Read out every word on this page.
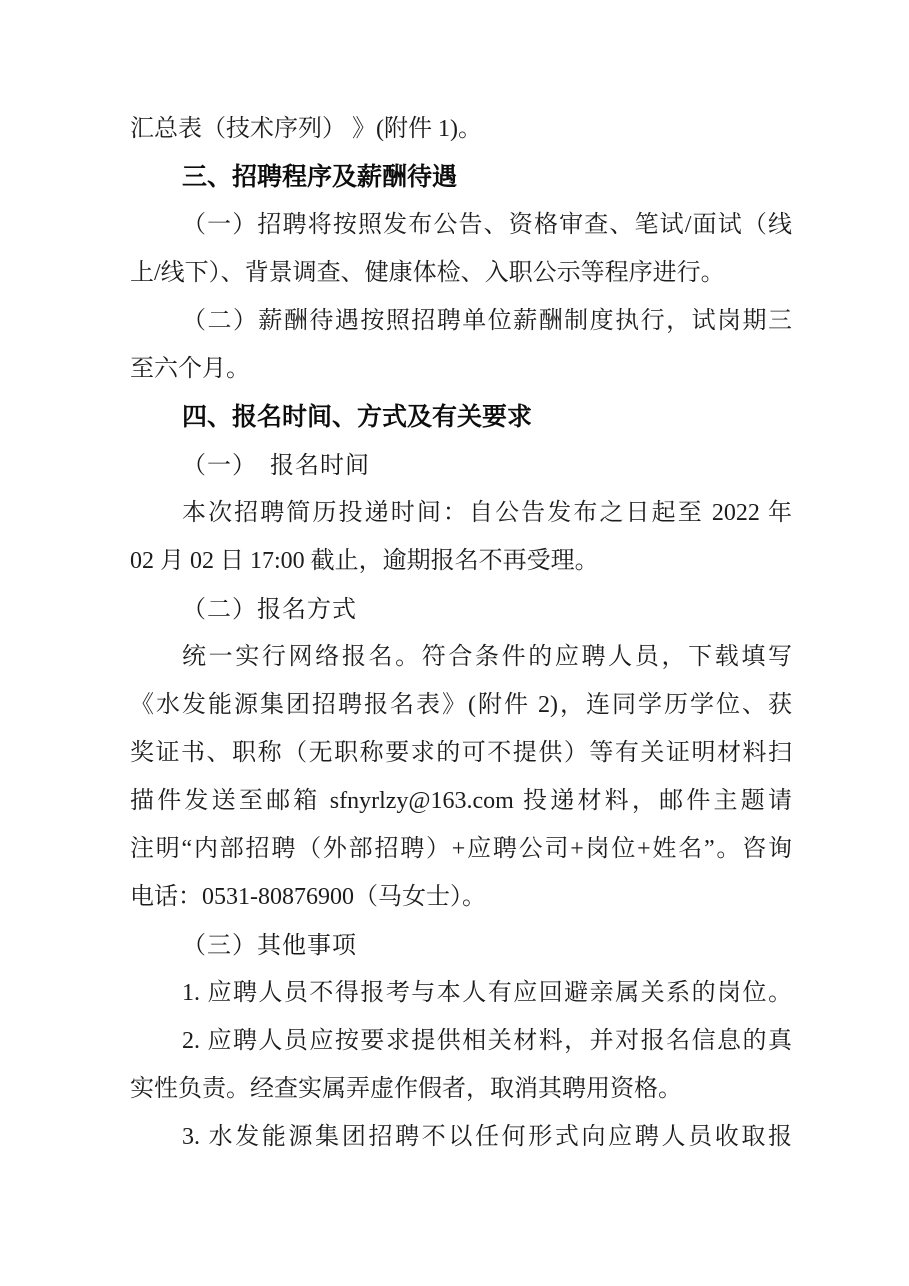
汇总表（技术序列） 》(附件 1)。
三、招聘程序及薪酬待遇
（一）招聘将按照发布公告、资格审查、笔试/面试（线
上/线下）、背景调查、健康体检、入职公示等程序进行。
（二）薪酬待遇按照招聘单位薪酬制度执行，试岗期三
至六个月。
四、报名时间、方式及有关要求
（一）　报名时间
本次招聘简历投递时间：自公告发布之日起至 2022 年
02 月 02 日 17:00 截止，逾期报名不再受理。
（二）报名方式
统一实行网络报名。符合条件的应聘人员，下载填写
《水发能源集团招聘报名表》(附件 2)，连同学历学位、获
奖证书、职称（无职称要求的可不提供）等有关证明材料扫
描件发送至邮箱 sfnyrlzy@163.com 投递材料，邮件主题请
注明“内部招聘（外部招聘）+应聘公司+岗位+姓名”。咨询
电话：0531-80876900（马女士）。
（三）其他事项
1. 应聘人员不得报考与本人有应回避亲属关系的岗位。
2. 应聘人员应按要求提供相关材料，并对报名信息的真
实性负责。经查实属弄虚作假者，取消其聘用资格。
3. 水发能源集团招聘不以任何形式向应聘人员收取报
